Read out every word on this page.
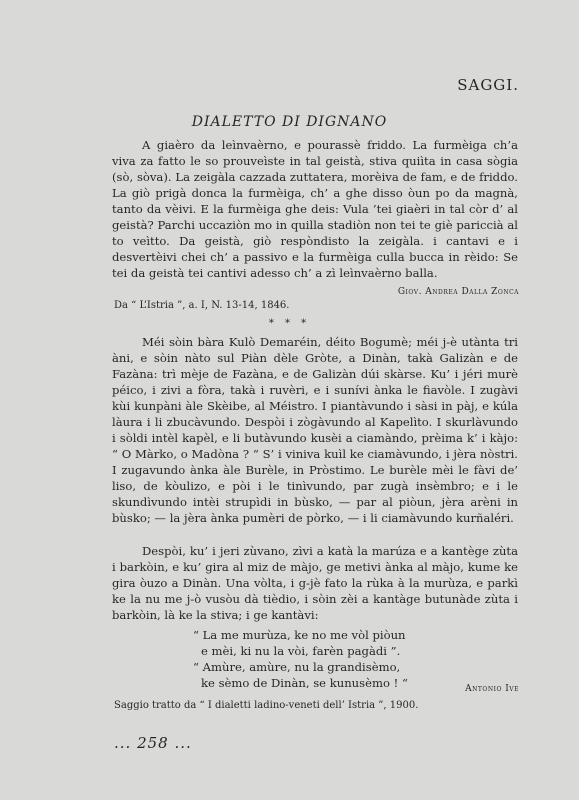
SAGGI.
DIALETTO DI DIGNANO
A giaèro da leìnvaèrno, e pourassè friddo. La furmèiga ch’a viva za fatto le so prouveìste in tal geistà, stiva quiìta in casa sògia (sò, sòva). La zeigàla cazzada zuttatera, morèiva de fam, e de friddo. La giò prigà donca la furmèiga, ch’ a ghe disso òun po da magnà, tanto da vèivi. E la furmèiga ghe deis: Vula ’tei giaèri in tal còr d’ al geistà? Parchi uccaziòn mo in quilla stadiòn non tei te giè pariccià al to veìtto. Da geistà, giò respòndisto la zeigàla. i cantavi e i desvertèivi chei ch’ a passivo e la furmèiga culla bucca in rèido: Se tei da geistà tei cantivi adesso ch’ a zì leìnvaèrno balla.
Giov. Andrea Dalla Zonca
Da “ L’Istria ”, a. I, N. 13-14, 1846.
* * *
Méi sòin bàra Kulò Demaréin, déito Bogumè; méi j-è utànta tri àni, e sòin nàto sul Piàn dèle Gròte, a Dinàn, takà Galizàn e de Fazàna: trì mèje de Fazàna, e de Galizàn dúi skàrse. Ku’ i jéri murè péico, i zivi a fòra, takà i ruvèri, e i sunívi ànka le fiavòle. I zugàvi kùi kunpàni àle Skèibe, al Méistro. I piantàvundo i sàsi in pàj, e kúla làura i li zbucàvundo. Despòi i zògàvundo al Kapelìto. I skurlàvundo i sòldi intèl kapèl, e li butàvundo kusèi a ciamàndo, prèima k’ i kàjo: “ O Màrko, o Madòna ? “ S’ i viniva kuìl ke ciamàvundo, i jèra nòstri. I zugavundo ànka àle Burèle, in Pròstimo. Le burèle mèi le fàvi de’ liso, de kòulizo, e pòi i le tinìvundo, par zugà insèmbro; e i le skundìvundo intèi strupìdi in bùsko, — par al piòun, jèra arèni in bùsko; — la jèra ànka pumèri de pòrko, — i li ciamàvundo kurñaléri.
Despòi, ku’ i jeri zùvano, zìvi a katà la marúza e a kantège zùta i barkòin, e ku’ gira al miz de màjo, ge metivi ànka al màjo, kume ke gira òuzo a Dinàn. Una vòlta, i g-jè fato la rùka à la murùza, e parkì ke la nu me j-ò vusòu dà tièdio, i sòin zèi a kantàge butunàde zùta i barkòin, là ke la stiva; i ge kantàvi:
“ La me murùza, ke no me vòl piòun
e mèi, ki nu la vòi, farèn pagàdi ”.
“ Amùre, amùre, nu la grandisèmo,
ke sèmo de Dinàn, se kunusèmo ! “	Antonio Ive
Saggio tratto da “ I dialetti ladino-veneti dell’ Istria ”, 1900.
... 258 ...
